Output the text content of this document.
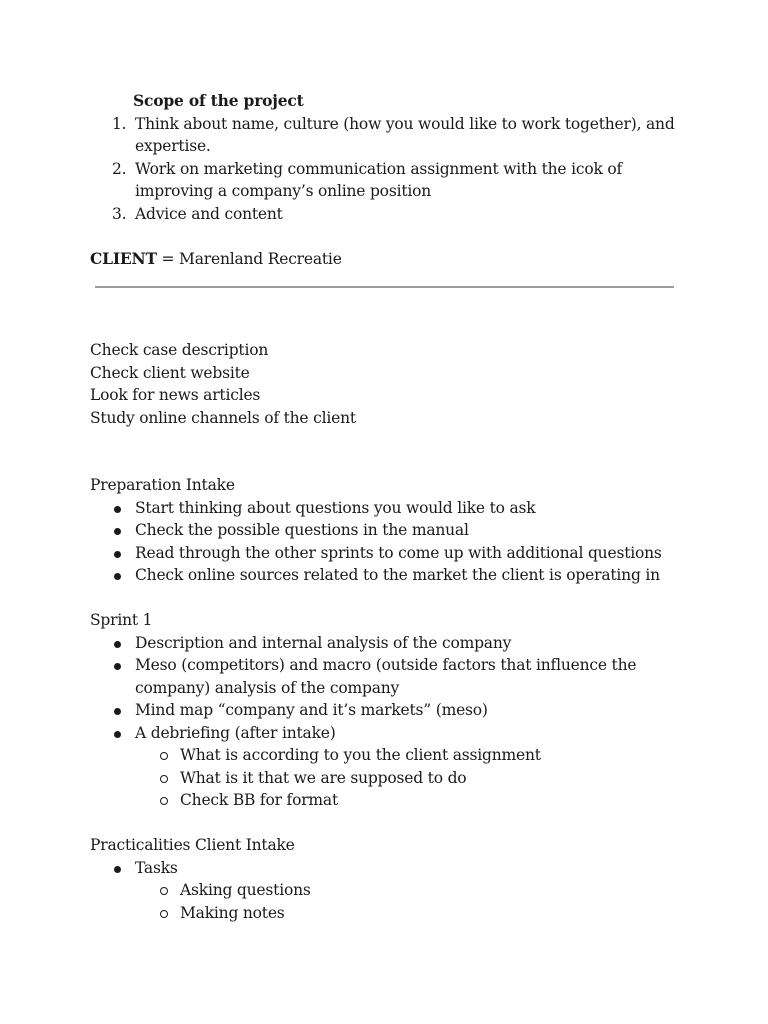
Scope of the project

1. Think about name, culture (how you would like to work together), and
expertise.
2. Work on marketing communication assignment with the icok of
improving a company’s online position
3. Advice and content

CLIENT = Marenland Recreatie

Check case description

Check client website

Look for news articles

Study online channels of the client

Preparation Intake

Start thinking about questions you would like to ask
Check the possible questions in the manual
Read through the other sprints to come up with additional questions
Check online sources related to the market the client is operating in

Sprint 1

Description and internal analysis of the company
Meso (competitors) and macro (outside factors that influence the
company) analysis of the company
Mind map “company and it’s markets” (meso)
A debriefing (after intake)
What is according to you the client assignment
What is it that we are supposed to do
Check BB for format

Practicalities Client Intake

Tasks
Asking questions
Making notes
